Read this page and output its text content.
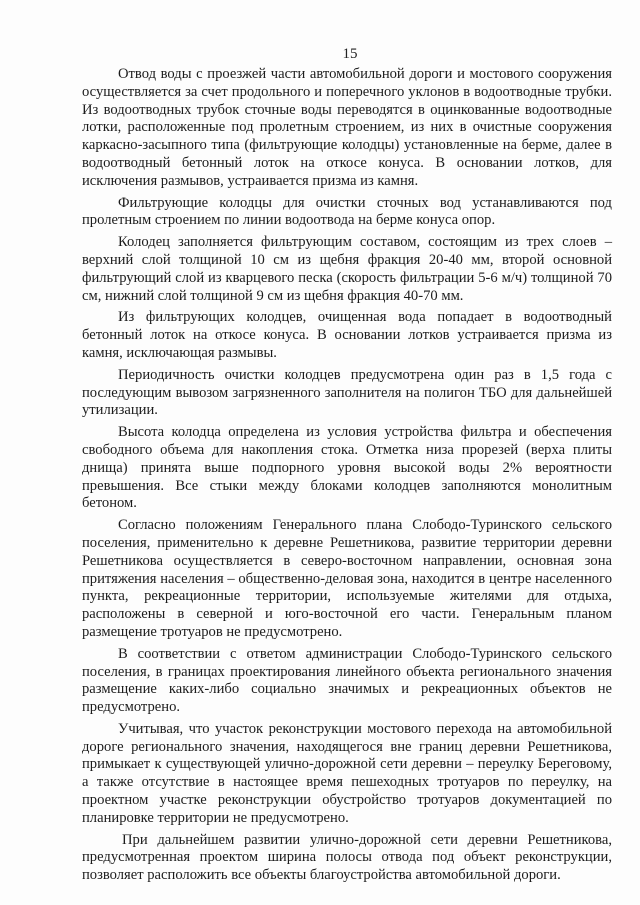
15

Отвод воды с проезжей части автомобильной дороги и мостового сооружения осуществляется за счет продольного и поперечного уклонов в водоотводные трубки. Из водоотводных трубок сточные воды переводятся в оцинкованные водоотводные лотки, расположенные под пролетным строением, из них в очистные сооружения каркасно-засыпного типа (фильтрующие колодцы) установленные на берме, далее в водоотводный бетонный лоток на откосе конуса. В основании лотков, для исключения размывов, устраивается призма из камня.

Фильтрующие колодцы для очистки сточных вод устанавливаются под пролетным строением по линии водоотвода на берме конуса опор.

Колодец заполняется фильтрующим составом, состоящим из трех слоев – верхний слой толщиной 10 см из щебня фракция 20-40 мм, второй основной фильтрующий слой из кварцевого песка (скорость фильтрации 5-6 м/ч) толщиной 70 см, нижний слой толщиной 9 см из щебня фракция 40-70 мм.

Из фильтрующих колодцев, очищенная вода попадает в водоотводный бетонный лоток на откосе конуса. В основании лотков устраивается призма из камня, исключающая размывы.

Периодичность очистки колодцев предусмотрена один раз в 1,5 года с последующим вывозом загрязненного заполнителя на полигон ТБО для дальнейшей утилизации.

Высота колодца определена из условия устройства фильтра и обеспечения свободного объема для накопления стока. Отметка низа прорезей (верха плиты днища) принята выше подпорного уровня высокой воды 2% вероятности превышения. Все стыки между блоками колодцев заполняются монолитным бетоном.

Согласно положениям Генерального плана Слободо-Туринского сельского поселения, применительно к деревне Решетникова, развитие территории деревни Решетникова осуществляется в северо-восточном направлении, основная зона притяжения населения – общественно-деловая зона, находится в центре населенного пункта, рекреационные территории, используемые жителями для отдыха, расположены в северной и юго-восточной его части. Генеральным планом размещение тротуаров не предусмотрено.

В соответствии с ответом администрации Слободо-Туринского сельского поселения, в границах проектирования линейного объекта регионального значения размещение каких-либо социально значимых и рекреационных объектов не предусмотрено.

Учитывая, что участок реконструкции мостового перехода на автомобильной дороге регионального значения, находящегося вне границ деревни Решетникова, примыкает к существующей улично-дорожной сети деревни – переулку Береговому, а также отсутствие в настоящее время пешеходных тротуаров по переулку, на проектном участке реконструкции обустройство тротуаров документацией по планировке территории не предусмотрено.

При дальнейшем развитии улично-дорожной сети деревни Решетникова, предусмотренная проектом ширина полосы отвода под объект реконструкции, позволяет расположить все объекты благоустройства автомобильной дороги.
